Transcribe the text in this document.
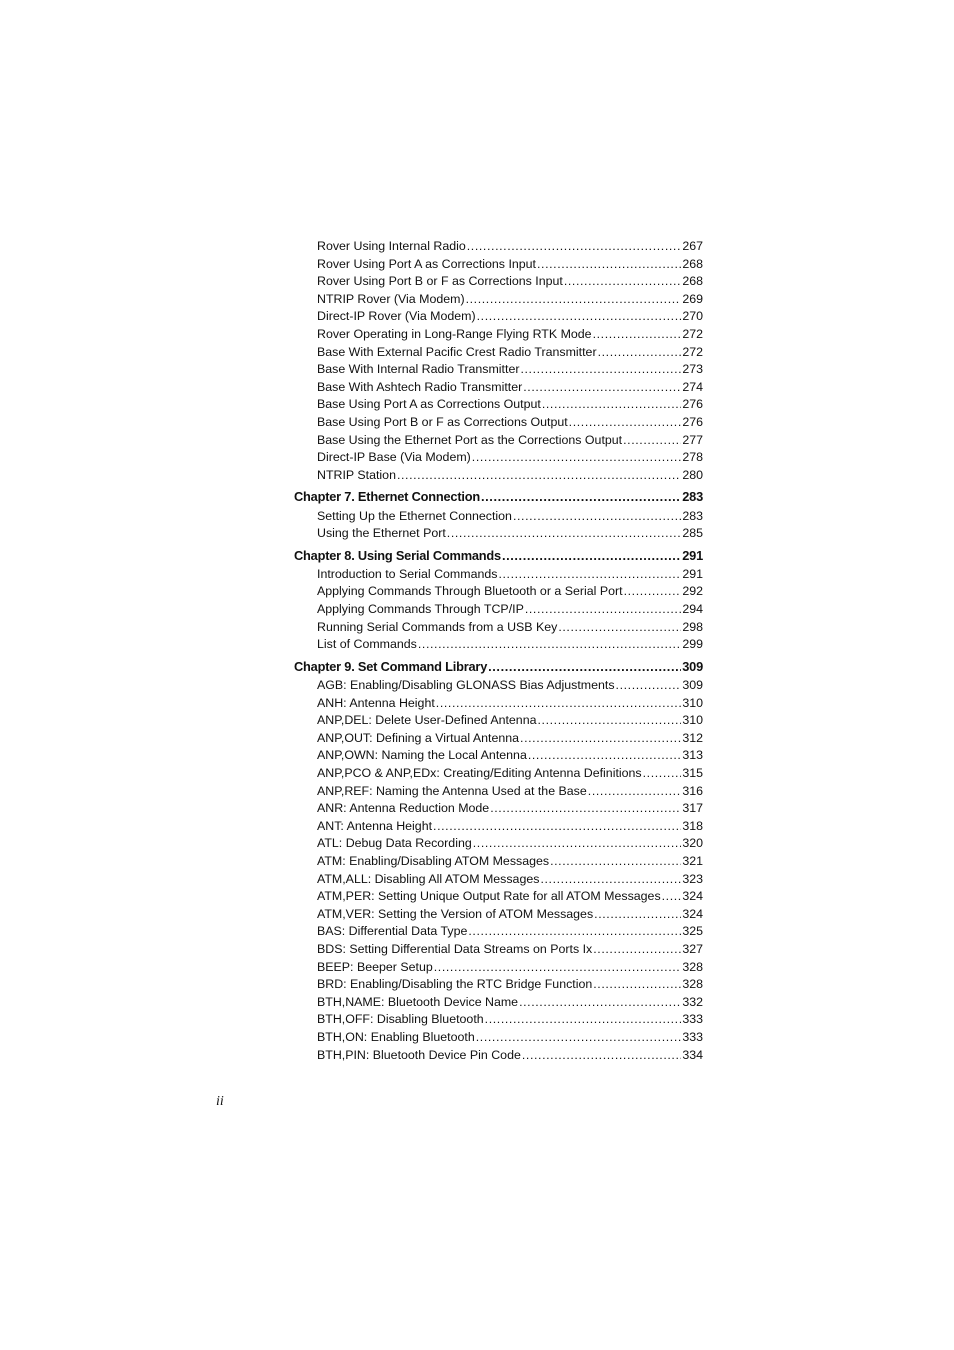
Rover Using Internal Radio .....	267
Rover Using Port A as Corrections Input .....	268
Rover Using Port B or F as Corrections Input .....	268
NTRIP Rover (Via Modem) .....	269
Direct-IP Rover (Via Modem) .....	270
Rover Operating in Long-Range Flying RTK Mode .....	272
Base With External Pacific Crest Radio Transmitter .....	272
Base With Internal Radio Transmitter .....	273
Base With Ashtech Radio Transmitter .....	274
Base Using Port A as Corrections Output .....	276
Base Using Port B or F as Corrections Output .....	276
Base Using the Ethernet Port as the Corrections Output .....	277
Direct-IP Base (Via Modem) .....	278
NTRIP Station .....	280
Chapter 7. Ethernet Connection .....	283
Setting Up the Ethernet Connection .....	283
Using the Ethernet Port .....	285
Chapter 8. Using Serial Commands .....	291
Introduction to Serial Commands .....	291
Applying Commands Through Bluetooth or a Serial Port .....	292
Applying Commands Through TCP/IP .....	294
Running Serial Commands from a USB Key .....	298
List of Commands .....	299
Chapter 9. Set Command Library .....	309
AGB: Enabling/Disabling GLONASS Bias Adjustments .....	309
ANH: Antenna Height .....	310
ANP,DEL: Delete User-Defined Antenna .....	310
ANP,OUT: Defining a Virtual Antenna .....	312
ANP,OWN: Naming the Local Antenna .....	313
ANP,PCO & ANP,EDx: Creating/Editing Antenna Definitions .....	315
ANP,REF: Naming the Antenna Used at the Base .....	316
ANR: Antenna Reduction Mode .....	317
ANT: Antenna Height .....	318
ATL: Debug Data Recording .....	320
ATM: Enabling/Disabling ATOM Messages .....	321
ATM,ALL: Disabling All ATOM Messages .....	323
ATM,PER: Setting Unique Output Rate for all ATOM Messages ..... 324
ATM,VER: Setting the Version of ATOM Messages .....	324
BAS: Differential Data Type .....	325
BDS: Setting Differential Data Streams on Ports Ix .....	327
BEEP: Beeper Setup .....	328
BRD: Enabling/Disabling the RTC Bridge Function .....	328
BTH,NAME: Bluetooth Device Name .....	332
BTH,OFF: Disabling Bluetooth .....	333
BTH,ON: Enabling Bluetooth .....	333
BTH,PIN: Bluetooth Device Pin Code .....	334
ii
